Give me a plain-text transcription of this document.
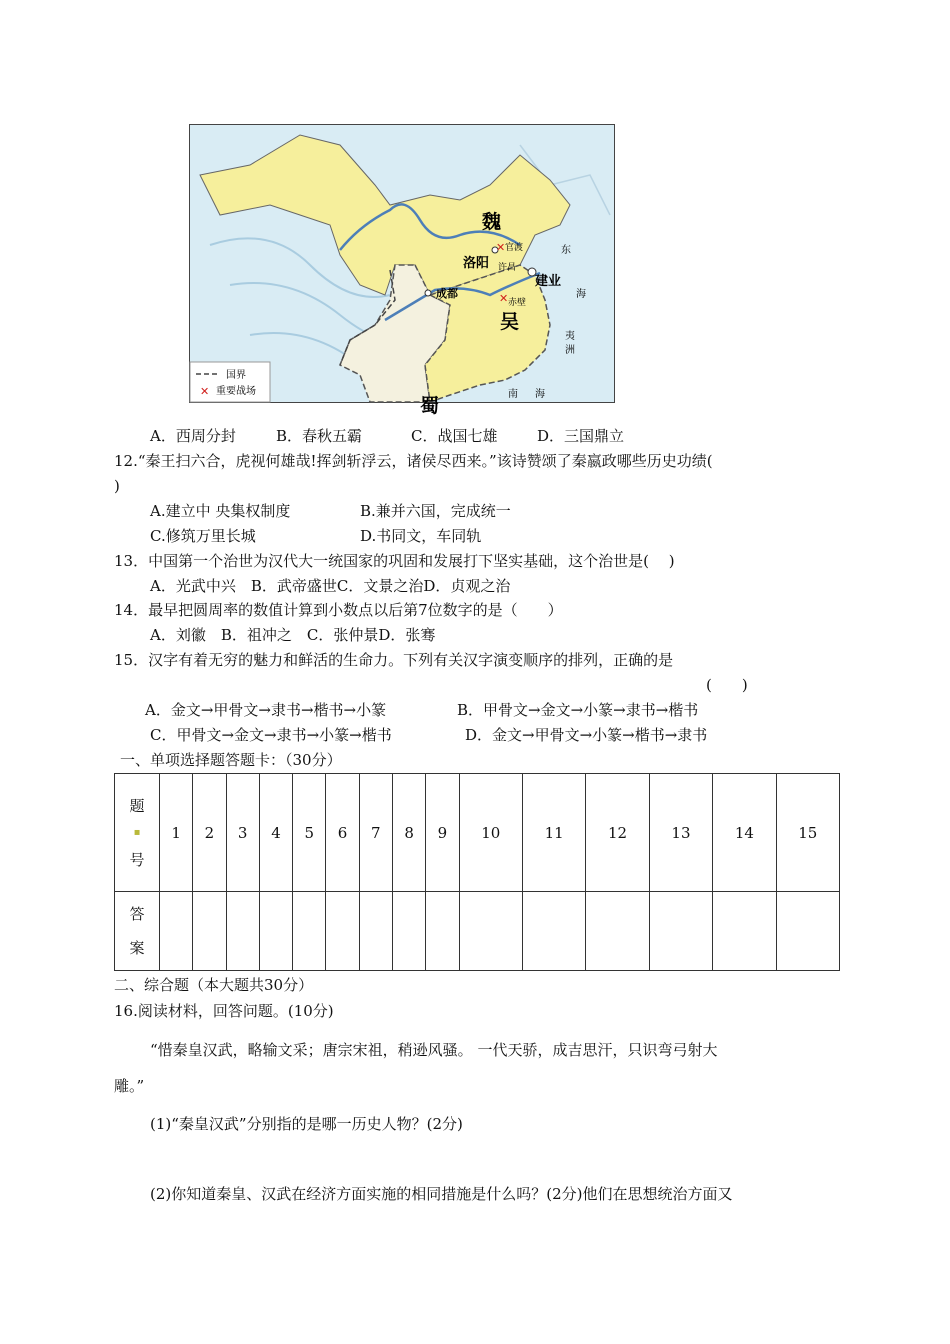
魏
蜀
吴
洛阳
成都
建业
官渡
许昌
赤壁
东
海
夷
洲
南 海
✕
✕
国界
✕ 重要战场
A．西周分封	B．春秋五霸	C．战国七雄	D．三国鼎立
12.“秦王扫六合，虎视何雄哉!挥剑斩浮云，诸侯尽西来。”该诗赞颂了秦嬴政哪些历史功绩(
)
A.建立中 央集权制度	B.兼并六国，完成统一
C.修筑万里长城	D.书同文，车同轨
13．中国第一个治世为汉代大一统国家的巩固和发展打下坚实基础，这个治世是(　 )
A．光武中兴　B．武帝盛世C．文景之治D．贞观之治
14．最早把圆周率的数值计算到小数点以后第7位数字的是（　　）
A．刘徽　B．祖冲之　C．张仲景D．张骞
15．汉字有着无穷的魅力和鲜活的生命力。下列有关汉字演变顺序的排列，正确的是
(　　)
A．金文→甲骨文→隶书→楷书→小篆	B．甲骨文→金文→小篆→隶书→楷书
C．甲骨文→金文→隶书→小篆→楷书	D．金文→甲骨文→小篆→楷书→隶书
一、单项选择题答题卡：（30分）
题
▪
号	1	2	3	4	5	6	7	8	9	10	11	12	13	14	15

答
案															

二、综合题（本大题共30分）
16.阅读材料，回答问题。(10分)
“惜秦皇汉武，略输文采；唐宗宋祖，稍逊风骚。 一代天骄，成吉思汗，只识弯弓射大
雕。”
(1)“秦皇汉武”分别指的是哪一历史人物？(2分)
(2)你知道秦皇、汉武在经济方面实施的相同措施是什么吗？(2分)他们在思想统治方面又
